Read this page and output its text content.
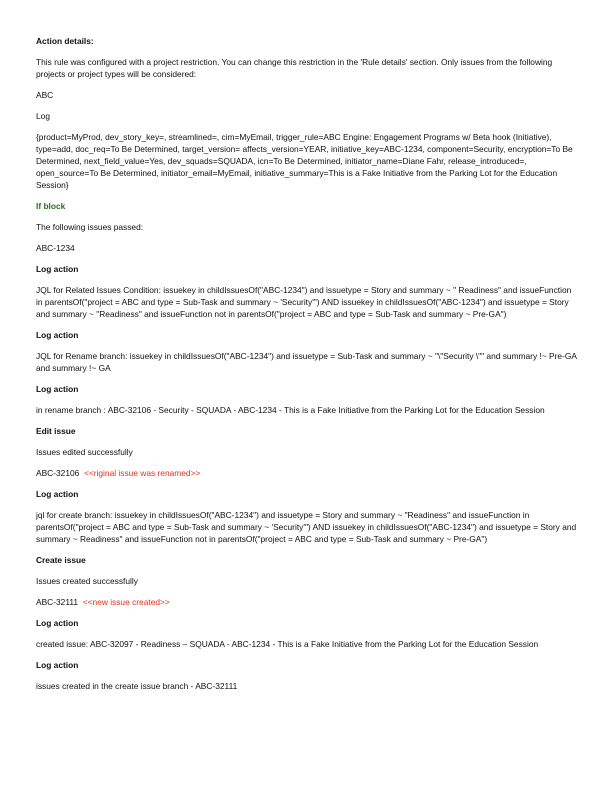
Action details:

This rule was configured with a project restriction. You can change this restriction in the 'Rule details' section. Only issues from the following projects or project types will be considered:

ABC

Log

{product=MyProd, dev_story_key=, streamlined=, cim=MyEmail, trigger_rule=ABC Engine: Engagement Programs w/ Beta hook (Initiative), type=add, doc_req=To Be Determined, target_version= affects_version=YEAR, initiative_key=ABC-1234, component=Security, encryption=To Be Determined, next_field_value=Yes, dev_squads=SQUADA, icn=To Be Determined, initiator_name=Diane Fahr, release_introduced=, open_source=To Be Determined, initiator_email=MyEmail, initiative_summary=This is a Fake Initiative from the Parking Lot for the Education Session}

If block

The following issues passed:

ABC-1234

Log action

JQL for Related Issues Condition: issuekey in childIssuesOf("ABC-1234") and issuetype = Story and summary ~ " Readiness" and issueFunction in parentsOf("project = ABC and type = Sub-Task and summary ~ 'Security'") AND issuekey in childIssuesOf("ABC-1234") and issuetype = Story and summary ~ "Readiness" and issueFunction not in parentsOf("project = ABC and type = Sub-Task and summary ~ Pre-GA")

Log action

JQL for Rename branch: issuekey in childIssuesOf("ABC-1234") and issuetype = Sub-Task and summary ~ "\"Security \"" and summary !~ Pre-GA and summary !~ GA

Log action

in rename branch : ABC-32106 - Security - SQUADA - ABC-1234 - This is a Fake Initiative from the Parking Lot for the Education Session

Edit issue

Issues edited successfully

ABC-32106 <<riginal issue was renamed>>

Log action

jql for create branch: issuekey in childIssuesOf("ABC-1234") and issuetype = Story and summary ~ "Readiness" and issueFunction in parentsOf("project = ABC and type = Sub-Task and summary ~ 'Security'") AND issuekey in childIssuesOf("ABC-1234") and issuetype = Story and summary ~ Readiness" and issueFunction not in parentsOf("project = ABC and type = Sub-Task and summary ~ Pre-GA")

Create issue

Issues created successfully

ABC-32111 <<new issue created>>

Log action

created issue: ABC-32097 - Readiness – SQUADA - ABC-1234 - This is a Fake Initiative from the Parking Lot for the Education Session

Log action

issues created in the create issue branch - ABC-32111
